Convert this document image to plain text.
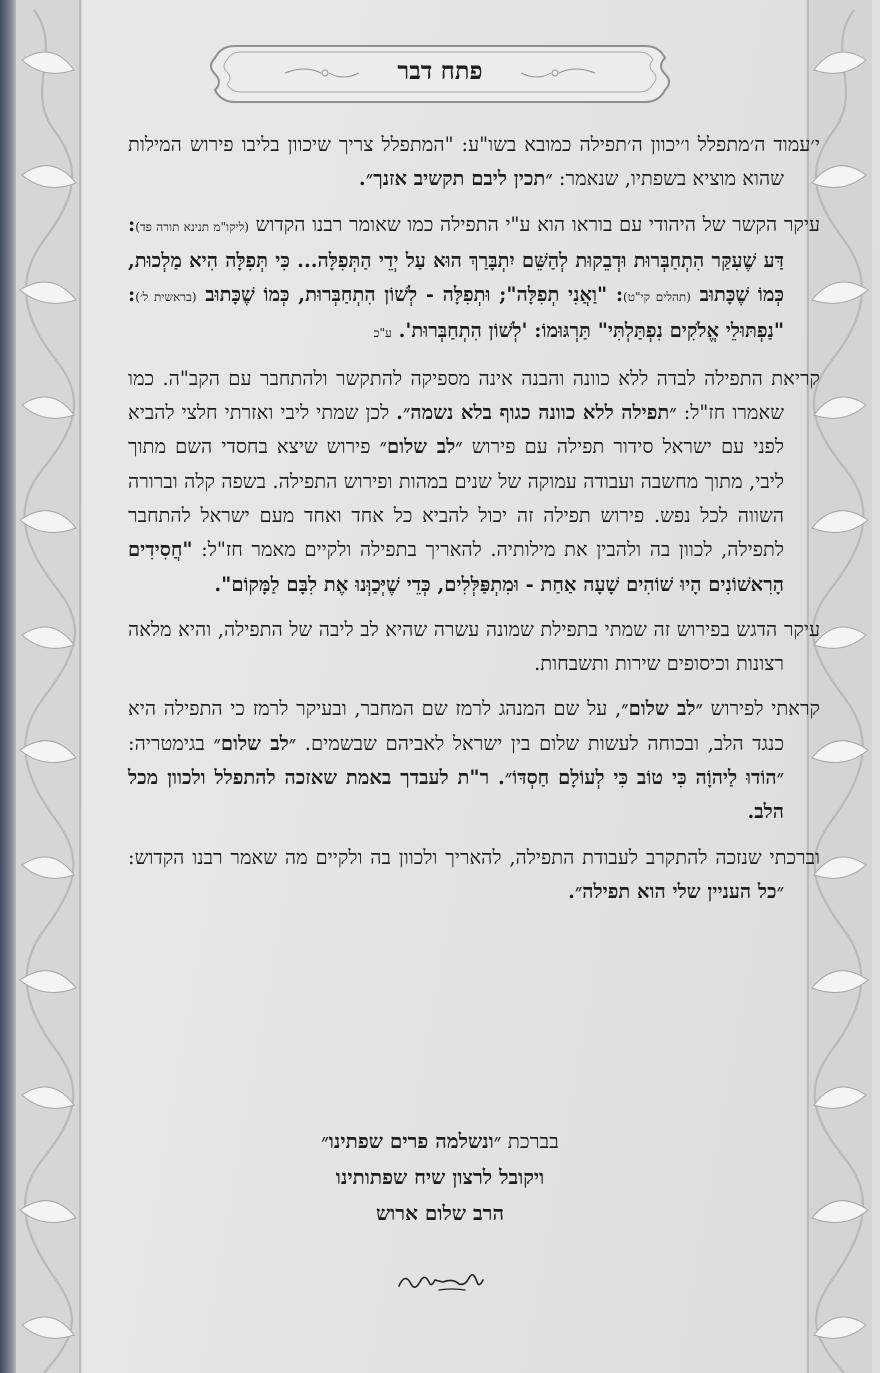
פתח דבר

י׳עמוד ה׳מתפלל ו׳יכוון ה׳תפילה כמובא בשו"ע: "המתפלל צריך שיכוון בליבו פירוש המילות שהוא מוציא בשפתיו, שנאמר: ״תכין ליבם תקשיב אזנך״.

עיקר הקשר של היהודי עם בוראו הוא ע"י התפילה כמו שאומר רבנו הקדוש (ליקו"מ תנינא תורה פד): דַּע שֶׁעִקַּר הִתְחַבְּרוּת וּדְבֵקוּת לְהַשֵּׁם יִתְבָּרַךְ הוּא עַל יְדֵי הַתְּפִלָּה... כִּי תְּפִלָּה הִיא מַלְכוּת, כְּמוֹ שֶׁכָּתוּב (תהלים קי"ט): "וַאֲנִי תְפִלָּה"; וּתְפִלָּה - לְשׁוֹן הִתְחַבְּרוּת, כְּמוֹ שֶׁכָּתוּב (בראשית ל׳): "נַפְתּוּלֵי אֱלֹקִים נִפְתַּלְתִּי" תַּרְגּוּמוֹ: 'לְשׁוֹן הִתְחַבְּרוּת'. ע"כ

קריאת התפילה לבדה ללא כוונה והבנה אינה מספיקה להתקשר ולהתחבר עם הקב"ה. כמו שאמרו חז"ל: ״תפילה ללא כוונה כגוף בלא נשמה״. לכן שמתי ליבי ואזרתי חלצי להביא לפני עם ישראל סידור תפילה עם פירוש ״לב שלום״ פירוש שיצא בחסדי השם מתוך ליבי, מתוך מחשבה ועבודה עמוקה של שנים במהות ופירוש התפילה. בשפה קלה וברורה השווה לכל נפש. פירוש תפילה זה יכול להביא כל אחד ואחד מעם ישראל להתחבר לתפילה, לכוון בה ולהבין את מילותיה. להאריך בתפילה ולקיים מאמר חז"ל: "חֲסִידִים הָרִאשׁוֹנִים הָיוּ שׁוֹהִים שָׁעָה אַחַת - וּמִתְפַּלְּלִים, כְּדֵי שֶׁיְּכַוְּנוּ אֶת לִבָּם לַמָּקוֹם".

עיקר הדגש בפירוש זה שמתי בתפילת שמונה עשרה שהיא לב ליבה של התפילה, והיא מלאה רצונות וכיסופים שירות ותשבחות.

קראתי לפירוש ״לב שלום״, על שם המנהג לרמז שם המחבר, ובעיקר לרמז כי התפילה היא כנגד הלב, ובכוחה לעשות שלום בין ישראל לאביהם שבשמים. ״לב שלום״ בגימטריה: ״הוֹדוּ לַיהוָֹה כִּי טוֹב כִּי לְעוֹלָם חַסְדּוֹ״. ר"ת לעבדך באמת שאזכה להתפלל ולכוון מכל הלב.

וברכתי שנזכה להתקרב לעבודת התפילה, להאריך ולכוון בה ולקיים מה שאמר רבנו הקדוש: ״כל העניין שלי הוא תפילה״.

בברכת ״ונשלמה פרים שפתינו״
ויקובל לרצון שיח שפתותינו
הרב שלום ארוש
